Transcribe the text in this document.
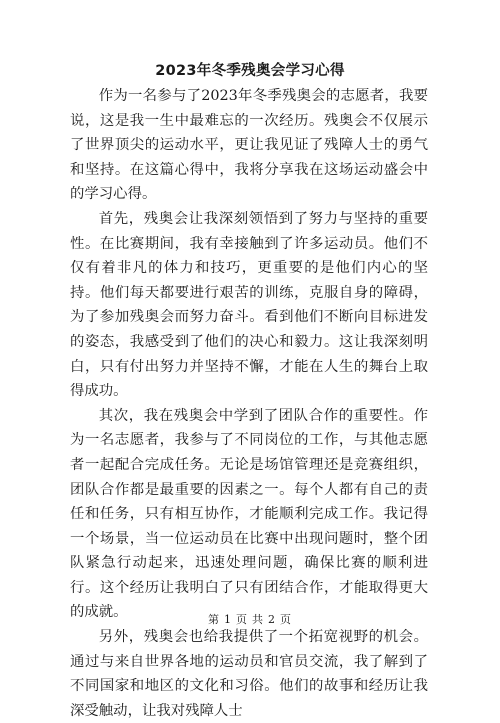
2023年冬季残奥会学习心得

作为一名参与了2023年冬季残奥会的志愿者，我要说，这是我一生中最难忘的一次经历。残奥会不仅展示了世界顶尖的运动水平，更让我见证了残障人士的勇气和坚持。在这篇心得中，我将分享我在这场运动盛会中的学习心得。

首先，残奥会让我深刻领悟到了努力与坚持的重要性。在比赛期间，我有幸接触到了许多运动员。他们不仅有着非凡的体力和技巧，更重要的是他们内心的坚持。他们每天都要进行艰苦的训练，克服自身的障碍，为了参加残奥会而努力奋斗。看到他们不断向目标进发的姿态，我感受到了他们的决心和毅力。这让我深刻明白，只有付出努力并坚持不懈，才能在人生的舞台上取得成功。

其次，我在残奥会中学到了团队合作的重要性。作为一名志愿者，我参与了不同岗位的工作，与其他志愿者一起配合完成任务。无论是场馆管理还是竞赛组织，团队合作都是最重要的因素之一。每个人都有自己的责任和任务，只有相互协作，才能顺利完成工作。我记得一个场景，当一位运动员在比赛中出现问题时，整个团队紧急行动起来，迅速处理问题，确保比赛的顺利进行。这个经历让我明白了只有团结合作，才能取得更大的成就。

另外，残奥会也给我提供了一个拓宽视野的机会。通过与来自世界各地的运动员和官员交流，我了解到了不同国家和地区的文化和习俗。他们的故事和经历让我深受触动，让我对残障人士

第 1 页 共 2 页
